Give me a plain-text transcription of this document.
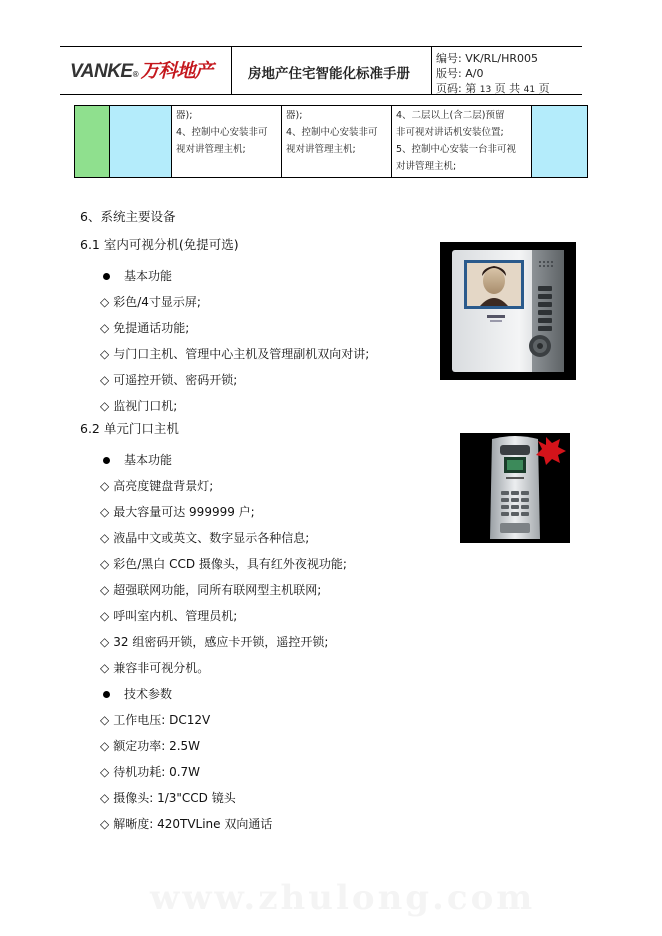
VANKE ® 万科地产	房地产住宅智能化标准手册
编号: VK/RL/HR005
版号: A/0
页码: 第 13 页 共 41 页
器);
4、控制中心安装非可
视对讲管理主机;
器);
4、控制中心安装非可
视对讲管理主机;
4、二层以上(含二层)预留
非可视对讲话机安装位置;
5、控制中心安装一台非可视
对讲管理主机;
6、系统主要设备
6.1 室内可视分机(免提可选)
基本功能
◇ 彩色/4寸显示屏;
◇ 免提通话功能;
◇ 与门口主机、管理中心主机及管理副机双向对讲;
◇ 可遥控开锁、密码开锁;
◇ 监视门口机;
6.2 单元门口主机
基本功能
◇ 高亮度键盘背景灯;
◇ 最大容量可达 999999 户;
◇ 液晶中文或英文、数字显示各种信息;
◇ 彩色/黑白 CCD 摄像头，具有红外夜视功能;
◇ 超强联网功能，同所有联网型主机联网;
◇ 呼叫室内机、管理员机;
◇ 32 组密码开锁，感应卡开锁，遥控开锁;
◇ 兼容非可视分机。
技术参数
◇ 工作电压: DC12V
◇ 额定功率: 2.5W
◇ 待机功耗: 0.7W
◇ 摄像头: 1/3"CCD 镜头
◇ 解晰度: 420TVLine 双向通话
www.zhulong.com
